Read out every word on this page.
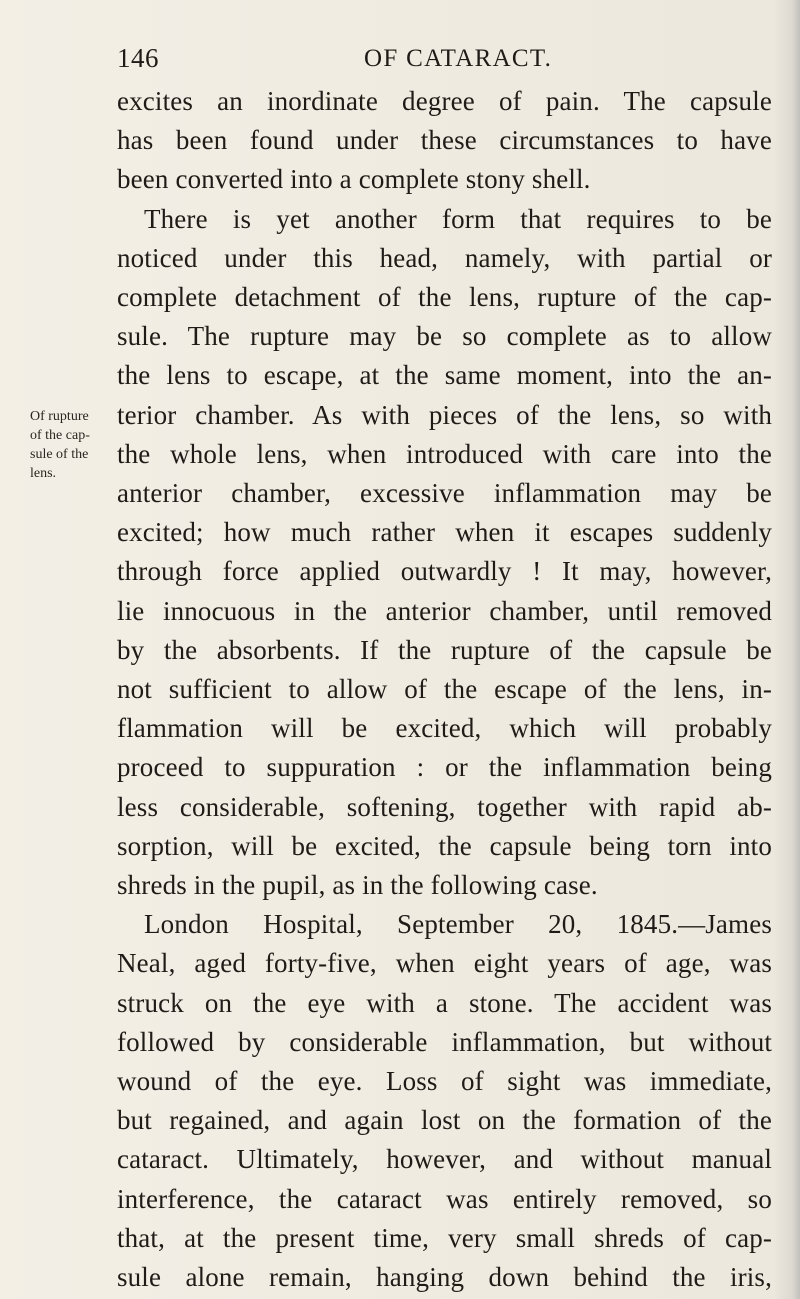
146	OF CATARACT.
Of rupture
of the cap-
sule of the
lens.
excites an inordinate degree of pain. The capsule
has been found under these circumstances to have
been converted into a complete stony shell.
There is yet another form that requires to be
noticed under this head, namely, with partial or
complete detachment of the lens, rupture of the cap-
sule. The rupture may be so complete as to allow
the lens to escape, at the same moment, into the an-
terior chamber. As with pieces of the lens, so with
the whole lens, when introduced with care into the
anterior chamber, excessive inflammation may be
excited; how much rather when it escapes suddenly
through force applied outwardly ! It may, however,
lie innocuous in the anterior chamber, until removed
by the absorbents. If the rupture of the capsule be
not sufficient to allow of the escape of the lens, in-
flammation will be excited, which will probably
proceed to suppuration : or the inflammation being
less considerable, softening, together with rapid ab-
sorption, will be excited, the capsule being torn into
shreds in the pupil, as in the following case.
London Hospital, September 20, 1845.—James
Neal, aged forty-five, when eight years of age, was
struck on the eye with a stone. The accident was
followed by considerable inflammation, but without
wound of the eye. Loss of sight was immediate,
but regained, and again lost on the formation of the
cataract. Ultimately, however, and without manual
interference, the cataract was entirely removed, so
that, at the present time, very small shreds of cap-
sule alone remain, hanging down behind the iris,
